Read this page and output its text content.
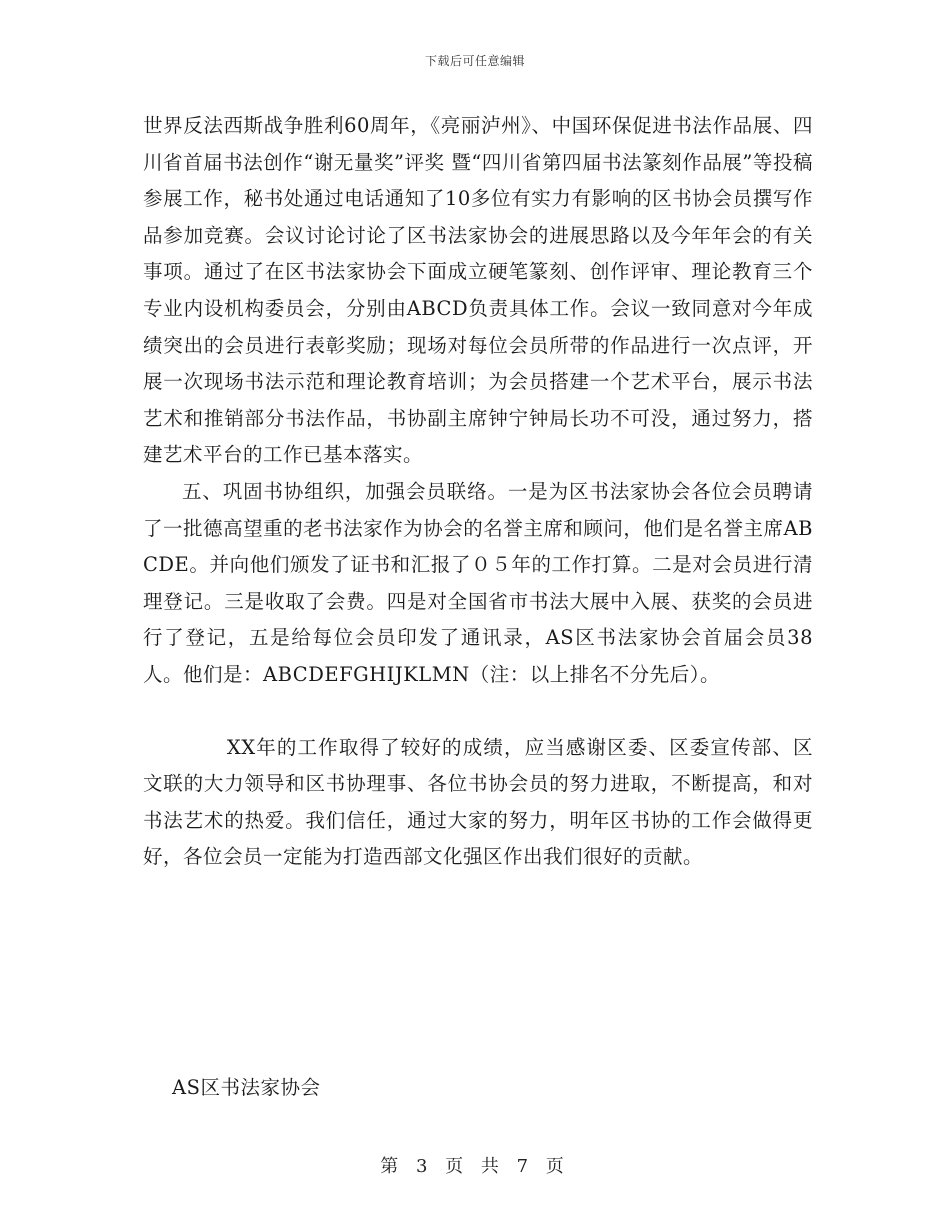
下载后可任意编辑

世界反法西斯战争胜利60周年，《亮丽泸州》、中国环保促进书法作品展、四川省首届书法创作“谢无量奖”评奖 暨“四川省第四届书法篆刻作品展”等投稿参展工作，秘书处通过电话通知了10多位有实力有影响的区书协会员撰写作品参加竞赛。会议讨论讨论了区书法家协会的进展思路以及今年年会的有关事项。通过了在区书法家协会下面成立硬笔篆刻、创作评审、理论教育三个专业内设机构委员会，分别由ABCD负责具体工作。会议一致同意对今年成绩突出的会员进行表彰奖励；现场对每位会员所带的作品进行一次点评，开展一次现场书法示范和理论教育培训；为会员搭建一个艺术平台，展示书法艺术和推销部分书法作品，书协副主席钟宁钟局长功不可没，通过努力，搭建艺术平台的工作已基本落实。

五、巩固书协组织，加强会员联络。一是为区书法家协会各位会员聘请了一批德高望重的老书法家作为协会的名誉主席和顾问，他们是名誉主席ABCDE。并向他们颁发了证书和汇报了０５年的工作打算。二是对会员进行清理登记。三是收取了会费。四是对全国省市书法大展中入展、获奖的会员进行了登记，五是给每位会员印发了通讯录，AS区书法家协会首届会员38 人。他们是：ABCDEFGHIJKLMN（注：以上排名不分先后）。

XX年的工作取得了较好的成绩，应当感谢区委、区委宣传部、区文联的大力领导和区书协理事、各位书协会员的努力进取，不断提高，和对书法艺术的热爱。我们信任，通过大家的努力，明年区书协的工作会做得更好，各位会员一定能为打造西部文化强区作出我们很好的贡献。

AS区书法家协会
第 3 页 共 7 页
